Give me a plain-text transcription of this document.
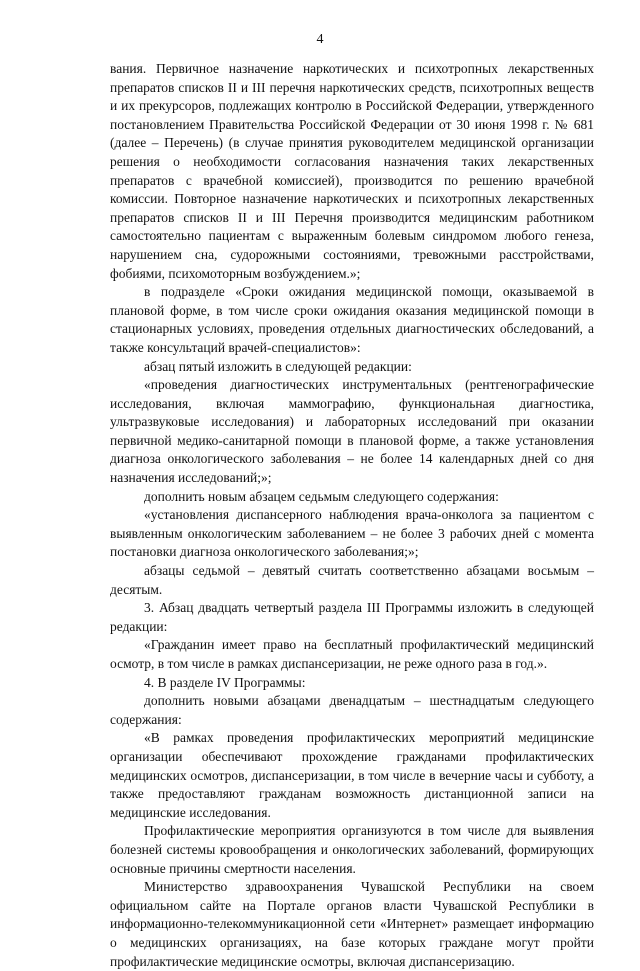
4

вания. Первичное назначение наркотических и психотропных лекарственных препаратов списков II и III перечня наркотических средств, психотропных веществ и их прекурсоров, подлежащих контролю в Российской Федерации, утвержденного постановлением Правительства Российской Федерации от 30 июня 1998 г. № 681 (далее – Перечень) (в случае принятия руководителем медицинской организации решения о необходимости согласования назначения таких лекарственных препаратов с врачебной комиссией), производится по решению врачебной комиссии. Повторное назначение наркотических и психотропных лекарственных препаратов списков II и III Перечня производится медицинским работником самостоятельно пациентам с выраженным болевым синдромом любого генеза, нарушением сна, судорожными состояниями, тревожными расстройствами, фобиями, психомоторным возбуждением.»;

в подразделе «Сроки ожидания медицинской помощи, оказываемой в плановой форме, в том числе сроки ожидания оказания медицинской помощи в стационарных условиях, проведения отдельных диагностических обследований, а также консультаций врачей-специалистов»:

абзац пятый изложить в следующей редакции:

«проведения диагностических инструментальных (рентгенографические исследования, включая маммографию, функциональная диагностика, ультразвуковые исследования) и лабораторных исследований при оказании первичной медико-санитарной помощи в плановой форме, а также установления диагноза онкологического заболевания – не более 14 календарных дней со дня назначения исследований;»;

дополнить новым абзацем седьмым следующего содержания:

«установления диспансерного наблюдения врача-онколога за пациентом с выявленным онкологическим заболеванием – не более 3 рабочих дней с момента постановки диагноза онкологического заболевания;»;

абзацы седьмой – девятый считать соответственно абзацами восьмым – десятым.

3. Абзац двадцать четвертый раздела III Программы изложить в следующей редакции:

«Гражданин имеет право на бесплатный профилактический медицинский осмотр, в том числе в рамках диспансеризации, не реже одного раза в год.».

4. В разделе IV Программы:

дополнить новыми абзацами двенадцатым – шестнадцатым следующего содержания:

«В рамках проведения профилактических мероприятий медицинские организации обеспечивают прохождение гражданами профилактических медицинских осмотров, диспансеризации, в том числе в вечерние часы и субботу, а также предоставляют гражданам возможность дистанционной записи на медицинские исследования.

Профилактические мероприятия организуются в том числе для выявления болезней системы кровообращения и онкологических заболеваний, формирующих основные причины смертности населения.

Министерство здравоохранения Чувашской Республики на своем официальном сайте на Портале органов власти Чувашской Республики в информационно-телекоммуникационной сети «Интернет» размещает информацию о медицинских организациях, на базе которых граждане могут пройти профилактические медицинские осмотры, включая диспансеризацию.
